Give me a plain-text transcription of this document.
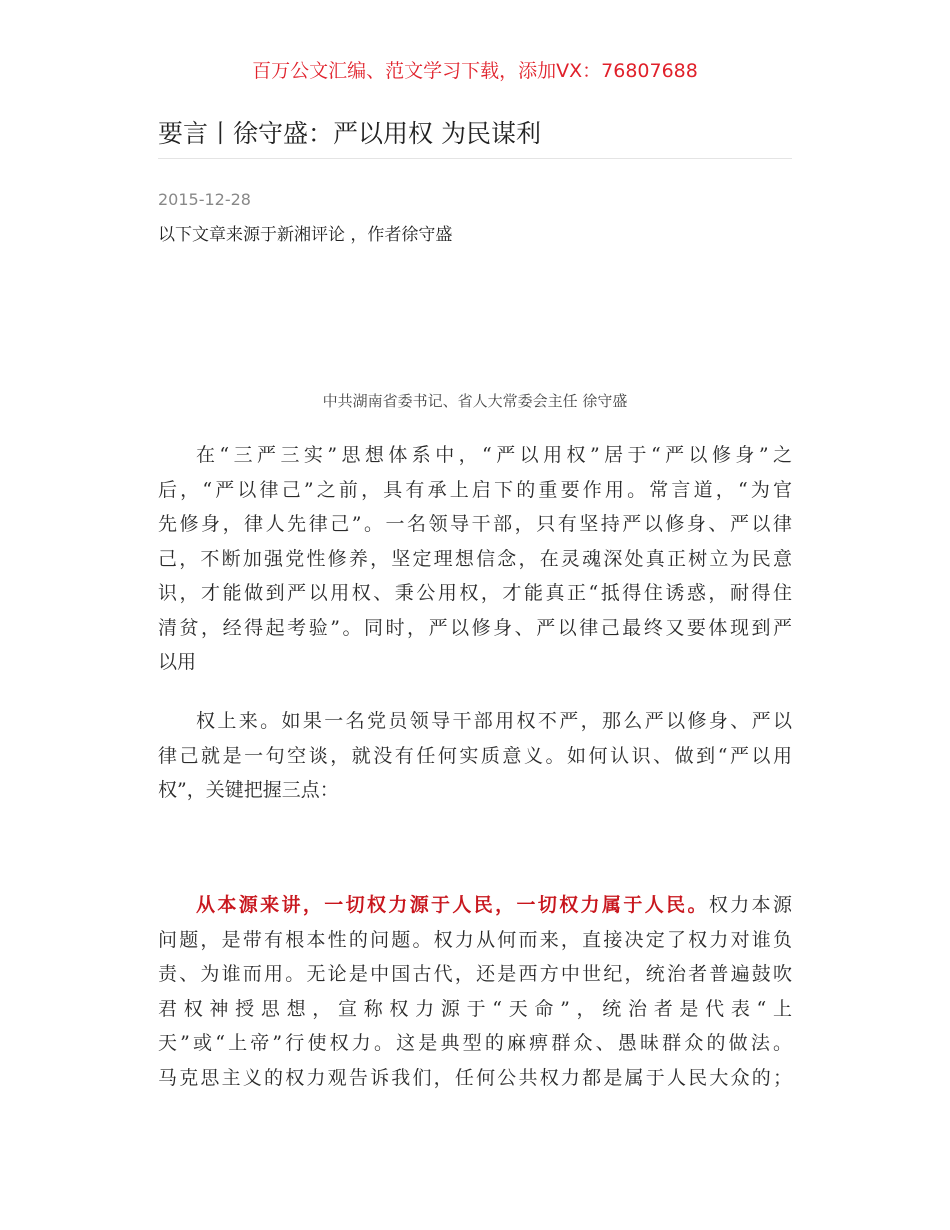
百万公文汇编、范文学习下载，添加VX：76807688
要言丨徐守盛：严以用权 为民谋利
2015-12-28
以下文章来源于新湘评论 ，作者徐守盛
中共湖南省委书记、省人大常委会主任 徐守盛
在“三严三实”思想体系中，“严以用权”居于“严以修身”之
后，“严以律己”之前，具有承上启下的重要作用。常言道，“为官
先修身，律人先律己”。一名领导干部，只有坚持严以修身、严以律
己，不断加强党性修养，坚定理想信念，在灵魂深处真正树立为民意
识，才能做到严以用权、秉公用权，才能真正“抵得住诱惑，耐得住
清贫，经得起考验”。同时，严以修身、严以律己最终又要体现到严
以用
权上来。如果一名党员领导干部用权不严，那么严以修身、严以
律己就是一句空谈，就没有任何实质意义。如何认识、做到“严以用
权”，关键把握三点：
从本源来讲，一切权力源于人民，一切权力属于人民。权力本源
问题，是带有根本性的问题。权力从何而来，直接决定了权力对谁负
责、为谁而用。无论是中国古代，还是西方中世纪，统治者普遍鼓吹
君权神授思想，宣称权力源于“天命”，统治者是代表“上
天”或“上帝”行使权力。这是典型的麻痹群众、愚昧群众的做法。
马克思主义的权力观告诉我们，任何公共权力都是属于人民大众的；
